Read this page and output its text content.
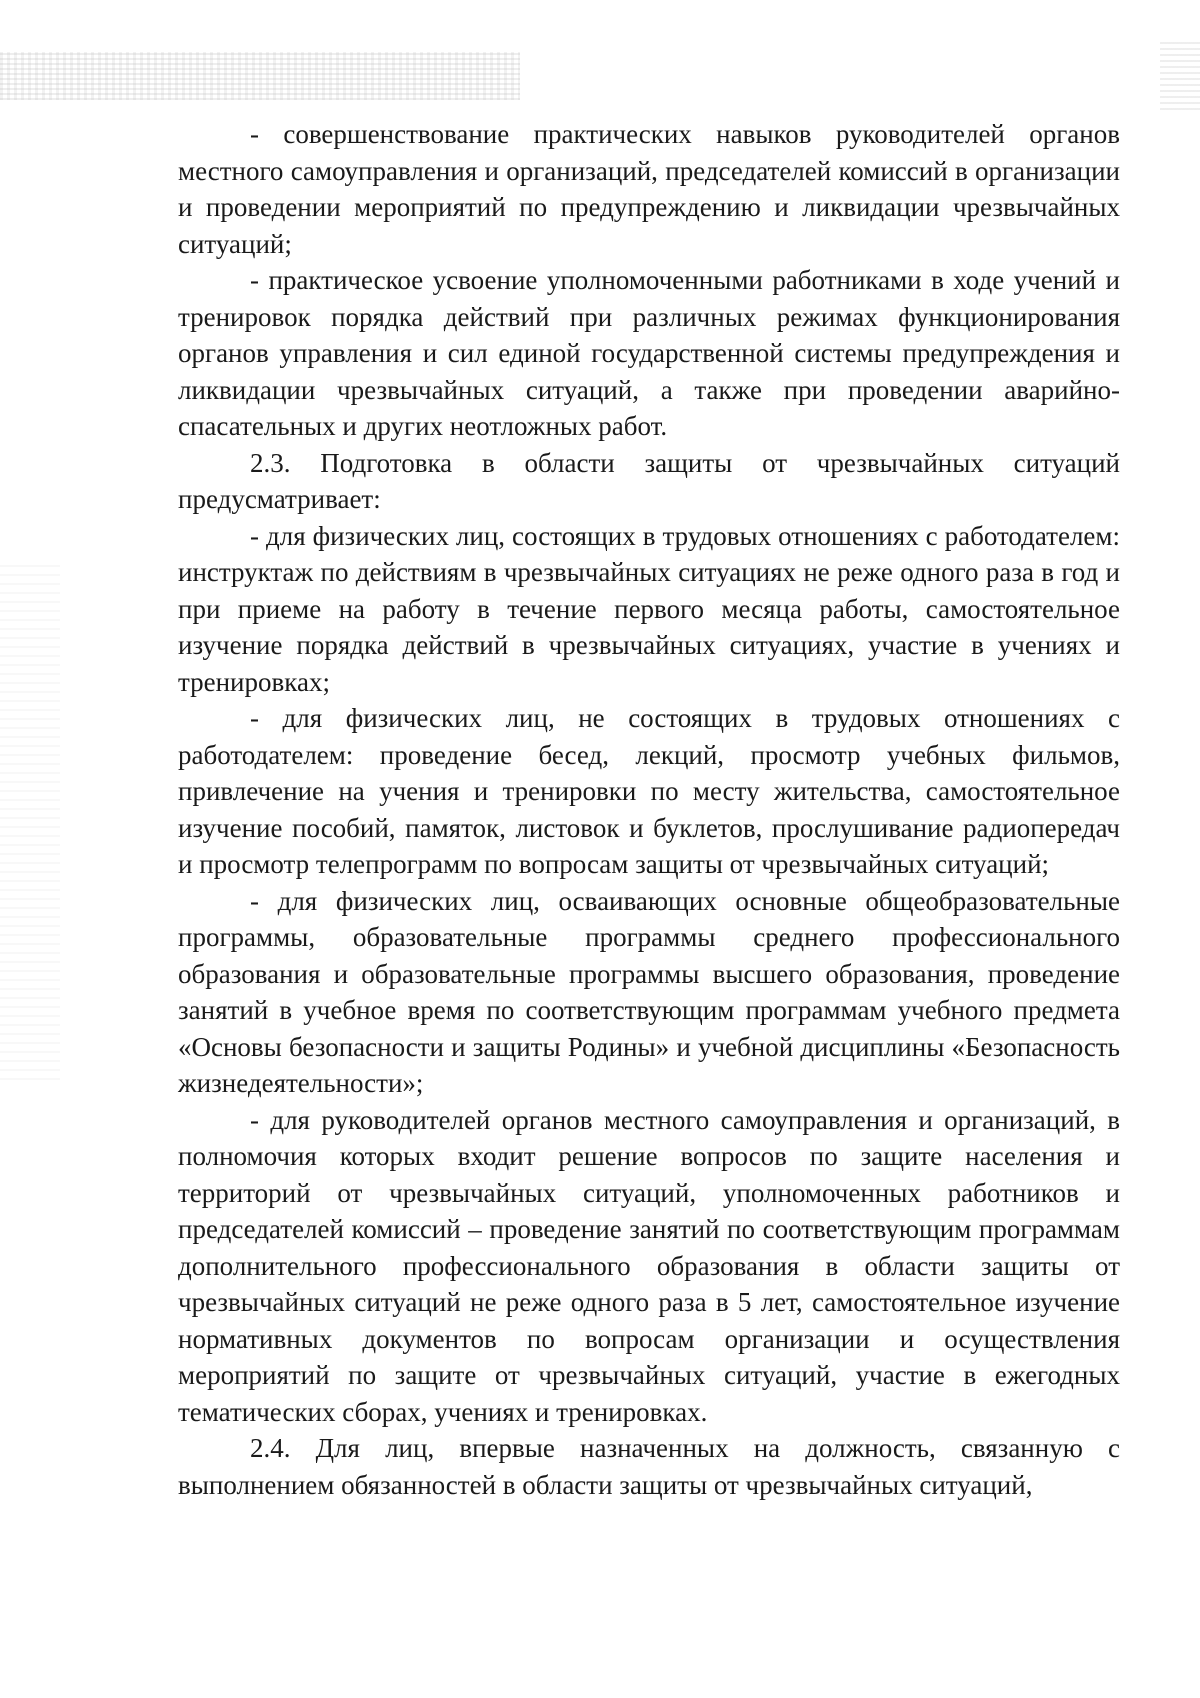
- совершенствование практических навыков руководителей органов местного самоуправления и организаций, председателей комиссий в организации и проведении мероприятий по предупреждению и ликвидации чрезвычайных ситуаций;

- практическое усвоение уполномоченными работниками в ходе учений и тренировок порядка действий при различных режимах функционирования органов управления и сил единой государственной системы предупреждения и ликвидации чрезвычайных ситуаций, а также при проведении аварийно-спасательных и других неотложных работ.

2.3. Подготовка в области защиты от чрезвычайных ситуаций предусматривает:

- для физических лиц, состоящих в трудовых отношениях с работодателем: инструктаж по действиям в чрезвычайных ситуациях не реже одного раза в год и при приеме на работу в течение первого месяца работы, самостоятельное изучение порядка действий в чрезвычайных ситуациях, участие в учениях и тренировках;

- для физических лиц, не состоящих в трудовых отношениях с работодателем: проведение бесед, лекций, просмотр учебных фильмов, привлечение на учения и тренировки по месту жительства, самостоятельное изучение пособий, памяток, листовок и буклетов, прослушивание радиопередач и просмотр телепрограмм по вопросам защиты от чрезвычайных ситуаций;

- для физических лиц, осваивающих основные общеобразовательные программы, образовательные программы среднего профессионального образования и образовательные программы высшего образования, проведение занятий в учебное время по соответствующим программам учебного предмета «Основы безопасности и защиты Родины» и учебной дисциплины «Безопасность жизнедеятельности»;

- для руководителей органов местного самоуправления и организаций, в полномочия которых входит решение вопросов по защите населения и территорий от чрезвычайных ситуаций, уполномоченных работников и председателей комиссий – проведение занятий по соответствующим программам дополнительного профессионального образования в области защиты от чрезвычайных ситуаций не реже одного раза в 5 лет, самостоятельное изучение нормативных документов по вопросам организации и осуществления мероприятий по защите от чрезвычайных ситуаций, участие в ежегодных тематических сборах, учениях и тренировках.

2.4. Для лиц, впервые назначенных на должность, связанную с выполнением обязанностей в области защиты от чрезвычайных ситуаций,
